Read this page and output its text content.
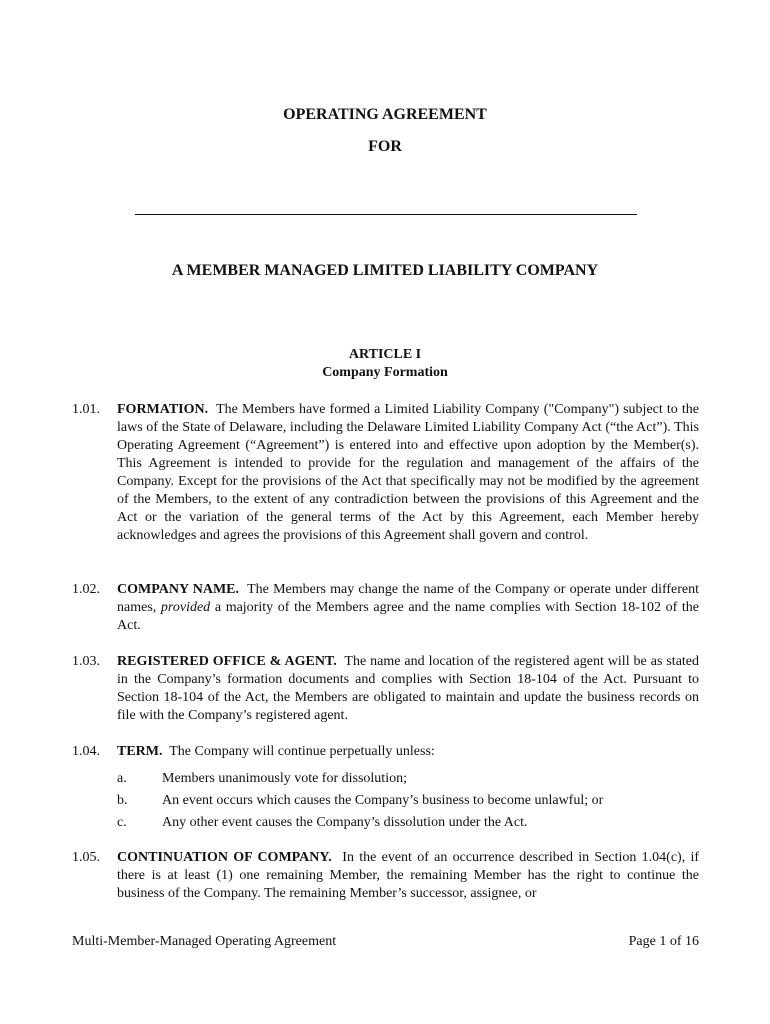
OPERATING AGREEMENT
FOR
A MEMBER MANAGED LIMITED LIABILITY COMPANY
ARTICLE I
Company Formation
1.01. FORMATION. The Members have formed a Limited Liability Company ("Company") subject to the laws of the State of Delaware, including the Delaware Limited Liability Company Act (“the Act”). This Operating Agreement (“Agreement”) is entered into and effective upon adoption by the Member(s). This Agreement is intended to provide for the regulation and management of the affairs of the Company. Except for the provisions of the Act that specifically may not be modified by the agreement of the Members, to the extent of any contradiction between the provisions of this Agreement and the Act or the variation of the general terms of the Act by this Agreement, each Member hereby acknowledges and agrees the provisions of this Agreement shall govern and control.
1.02. COMPANY NAME. The Members may change the name of the Company or operate under different names, provided a majority of the Members agree and the name complies with Section 18-102 of the Act.
1.03. REGISTERED OFFICE & AGENT. The name and location of the registered agent will be as stated in the Company’s formation documents and complies with Section 18-104 of the Act. Pursuant to Section 18-104 of the Act, the Members are obligated to maintain and update the business records on file with the Company’s registered agent.
1.04. TERM. The Company will continue perpetually unless:
a.	Members unanimously vote for dissolution;
b. An event occurs which causes the Company’s business to become unlawful; or
c.	Any other event causes the Company’s dissolution under the Act.
1.05. CONTINUATION OF COMPANY. In the event of an occurrence described in Section 1.04(c), if there is at least (1) one remaining Member, the remaining Member has the right to continue the business of the Company. The remaining Member’s successor, assignee, or
Multi-Member-Managed Operating Agreement	Page 1 of 16
